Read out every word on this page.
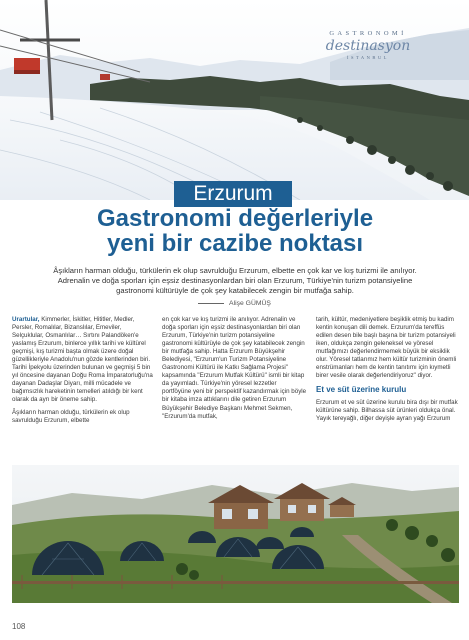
GASTRONOMİ
destinasyon
İSTANBUL
Erzurum
Gastronomi değerleriyle
yeni bir cazibe noktası
Âşıkların harman olduğu, türkülerin ek olup savrulduğu Erzurum, elbette en çok kar ve kış turizmi ile anılıyor. Adrenalin ve doğa sporları için eşsiz destinasyonlardan biri olan Erzurum, Türkiye'nin turizm potansiyeline gastronomi kültürüyle de çok şey katabilecek zengin bir mutfağa sahip.
Alişe GÜMÜŞ

Urartular, Kimmerler, İskitler, Hititler, Medler, Persler, Romalılar, Bizanslılar, Emeviler, Selçuklular, Osmanlılar… Sırtını Palandöken'e yaslamış Erzurum, binlerce yıllık tarihi ve kültürel geçmişi, kış turizmi başta olmak üzere doğal güzellikleriyle Anadolu'nun gözde kentlerinden biri. Tarihi İpekyolu üzerinden bulunan ve geçmişi 5 bin yıl öncesine dayanan Doğu Roma İmparatorluğu'na dayanan Dadaşlar Diyarı, milli mücadele ve bağımsızlık hareketinin temelleri atıldığı bir kent olarak da ayrı bir öneme sahip.

Âşıkların harman olduğu, türkülerin ek olup savrulduğu Erzurum, elbette

en çok kar ve kış turizmi ile anılıyor. Adrenalin ve doğa sporları için eşsiz destinasyonlardan biri olan Erzurum, Türkiye'nin turizm potansiyeline gastronomi kültürüyle de çok şey katabilecek zengin bir mutfağa sahip. Hatta Erzurum Büyükşehir Belediyesi, "Erzurum'un Turizm Potansiyeline Gastronomi Kültürü ile Katkı Sağlama Projesi" kapsamında "Erzurum Mutfak Kültürü" ismli bir kitap da yayımladı. Türkiye'nin yöresel lezzetler portföyüne yeni bir perspektif kazandırmak için böyle bir kitaba imza attıklarını dile getiren Erzurum Büyükşehir Belediye Başkanı Mehmet Sekmen, "Erzurum'da mutfak,

tarih, kültür, medeniyetlere beşiklik etmiş bu kadim kentin konuşan dili demek. Erzurum'da tereffüs edilen desen bile başlı başına bir turizm potansiyeli iken, oldukça zengin geleneksel ve yöresel mutfağımızı değerlendirmemek büyük bir eksiklik olur. Yöresel tatlarımız hem kültür turizminin önemli enstrümanları hem de kentin tanıtımı için kıymetli birer vesile olarak değerlendiriyoruz" diyor.

Et ve süt üzerine kurulu

Erzurum et ve süt üzerine kurulu bira dışı bir mutfak kültürüne sahip. Bilhassa süt ürünleri oldukça önal. Yayık tereyağlı, diğer deyişle ayran yağı Erzurum

108
